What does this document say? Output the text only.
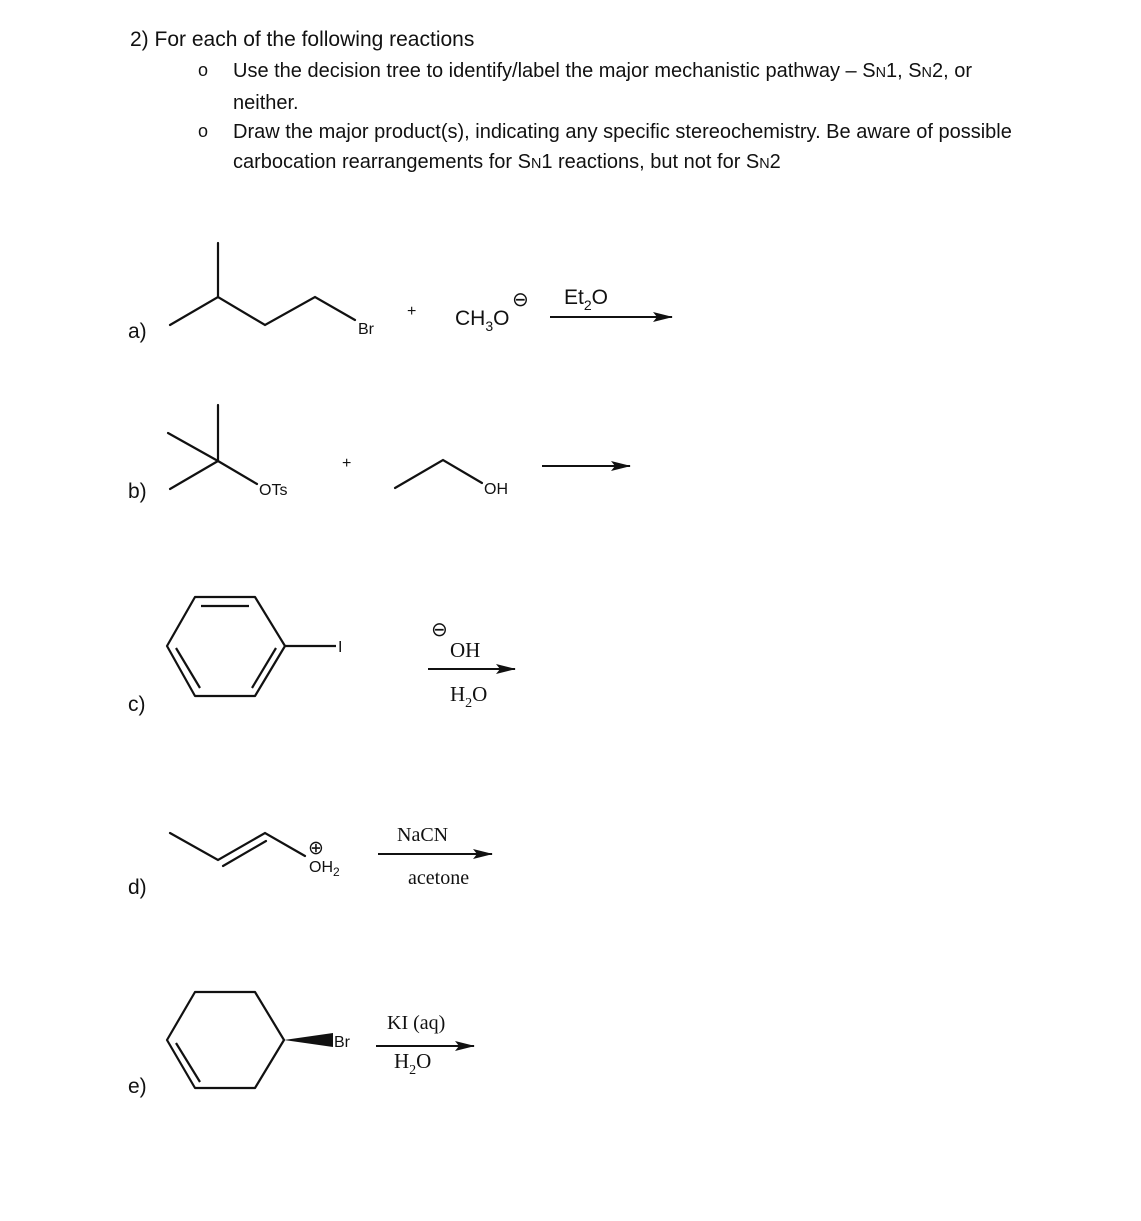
2) For each of the following reactions
o Use the decision tree to identify/label the major mechanistic pathway – SN1, SN2, or
neither.
o Draw the major product(s), indicating any specific stereochemistry. Be aware of possible
carbocation rearrangements for SN1 reactions, but not for SN2
a)
b)
c)
d)
e)
Br
+ $CH_3O$
⊖ $Et_2O$
OTs
+
OH
I
⊖
OH
$H_2O$
⊕
$OH_2$
NaCN
acetone
Br
KI (aq)
$H_2O$
